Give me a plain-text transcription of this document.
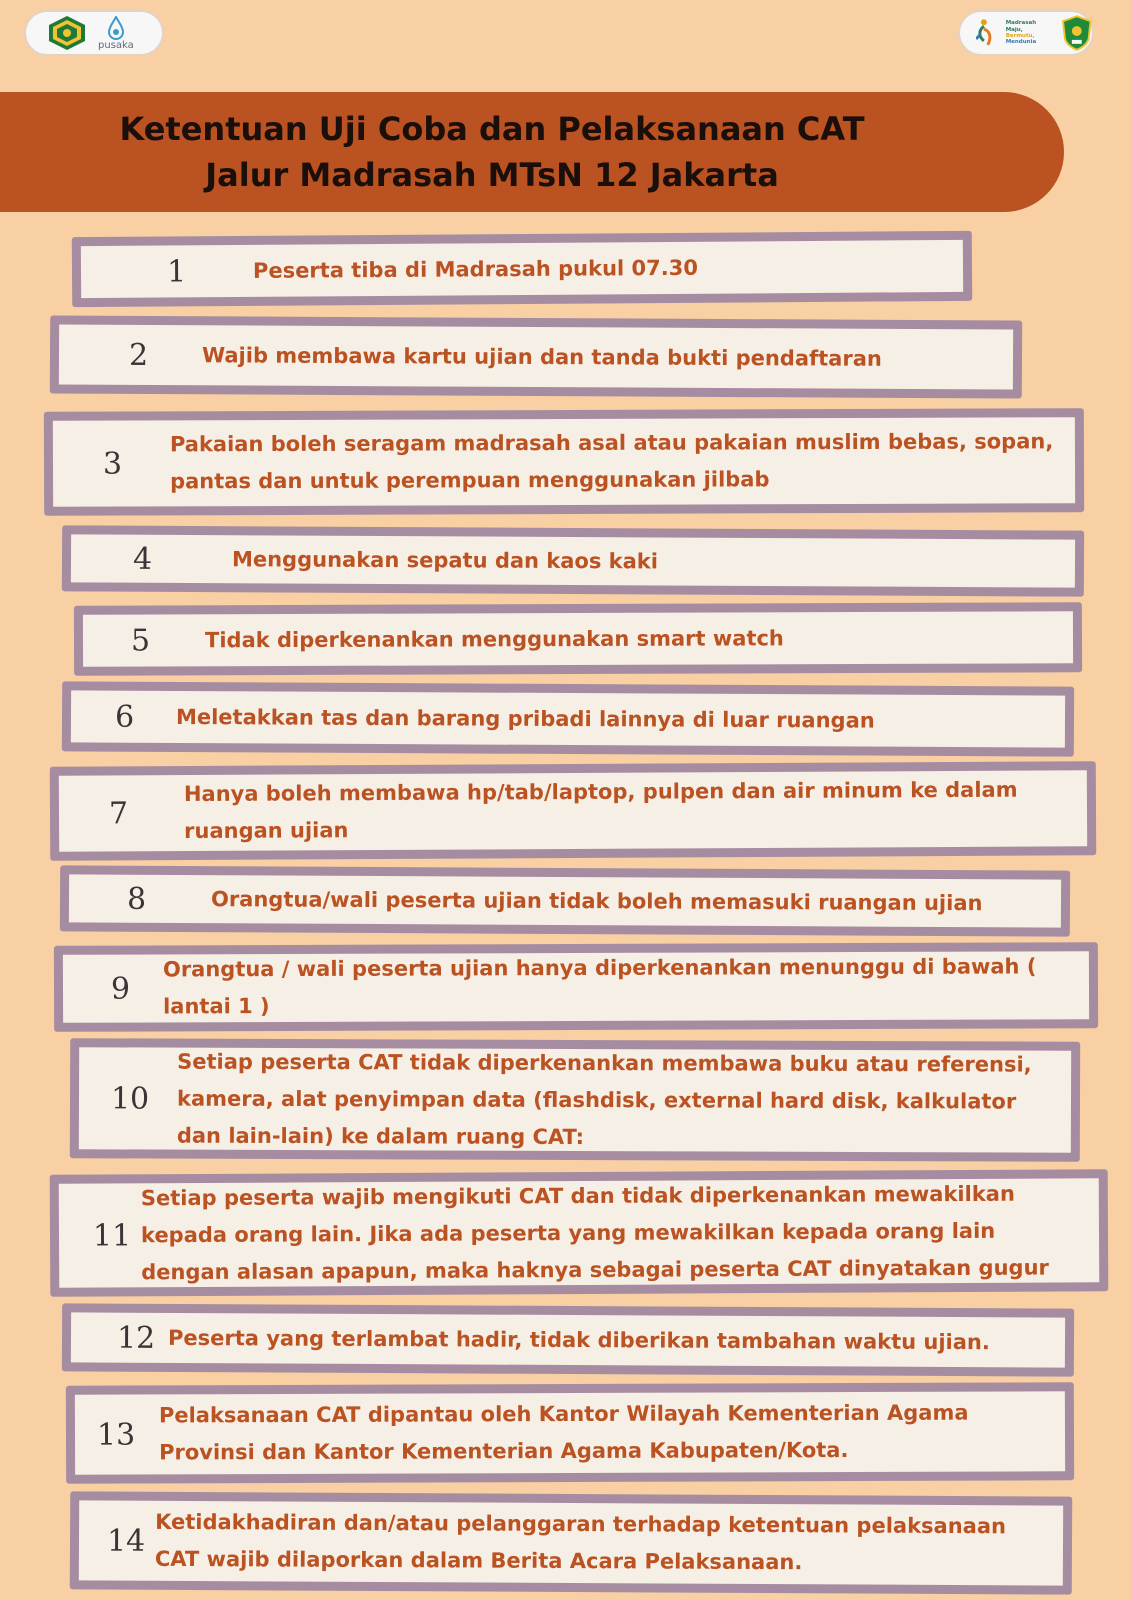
pusaka
Madrasah Maju,
Bermutu,
Mendunia
Ketentuan Uji Coba dan Pelaksanaan CAT
Jalur Madrasah MTsN 12 Jakarta
1	Peserta tiba di Madrasah pukul 07.30
2	Wajib membawa kartu ujian dan tanda bukti pendaftaran
3
Pakaian boleh seragam madrasah asal atau pakaian muslim bebas, sopan, pantas dan untuk perempuan menggunakan jilbab
4	Menggunakan sepatu dan kaos kaki
5	Tidak diperkenankan menggunakan smart watch
6 Meletakkan tas dan barang pribadi lainnya di luar ruangan
7
Hanya boleh membawa hp/tab/laptop, pulpen dan air minum ke dalam ruangan ujian
8	Orangtua/wali peserta ujian tidak boleh memasuki ruangan ujian
9
Orangtua / wali peserta ujian hanya diperkenankan menunggu di bawah ( lantai 1 )
10
Setiap peserta CAT tidak diperkenankan membawa buku atau referensi, kamera, alat penyimpan data (flashdisk, external hard disk, kalkulator dan lain-lain) ke dalam ruang CAT:
11
Setiap peserta wajib mengikuti CAT dan tidak diperkenankan mewakilkan kepada orang lain. Jika ada peserta yang mewakilkan kepada orang lain dengan alasan apapun, maka haknya sebagai peserta CAT dinyatakan gugur
12 Peserta yang terlambat hadir, tidak diberikan tambahan waktu ujian.
13
Pelaksanaan CAT dipantau oleh Kantor Wilayah Kementerian Agama Provinsi dan Kantor Kementerian Agama Kabupaten/Kota.
14 Ketidakhadiran dan/atau pelanggaran terhadap ketentuan pelaksanaan CAT wajib dilaporkan dalam Berita Acara Pelaksanaan.
